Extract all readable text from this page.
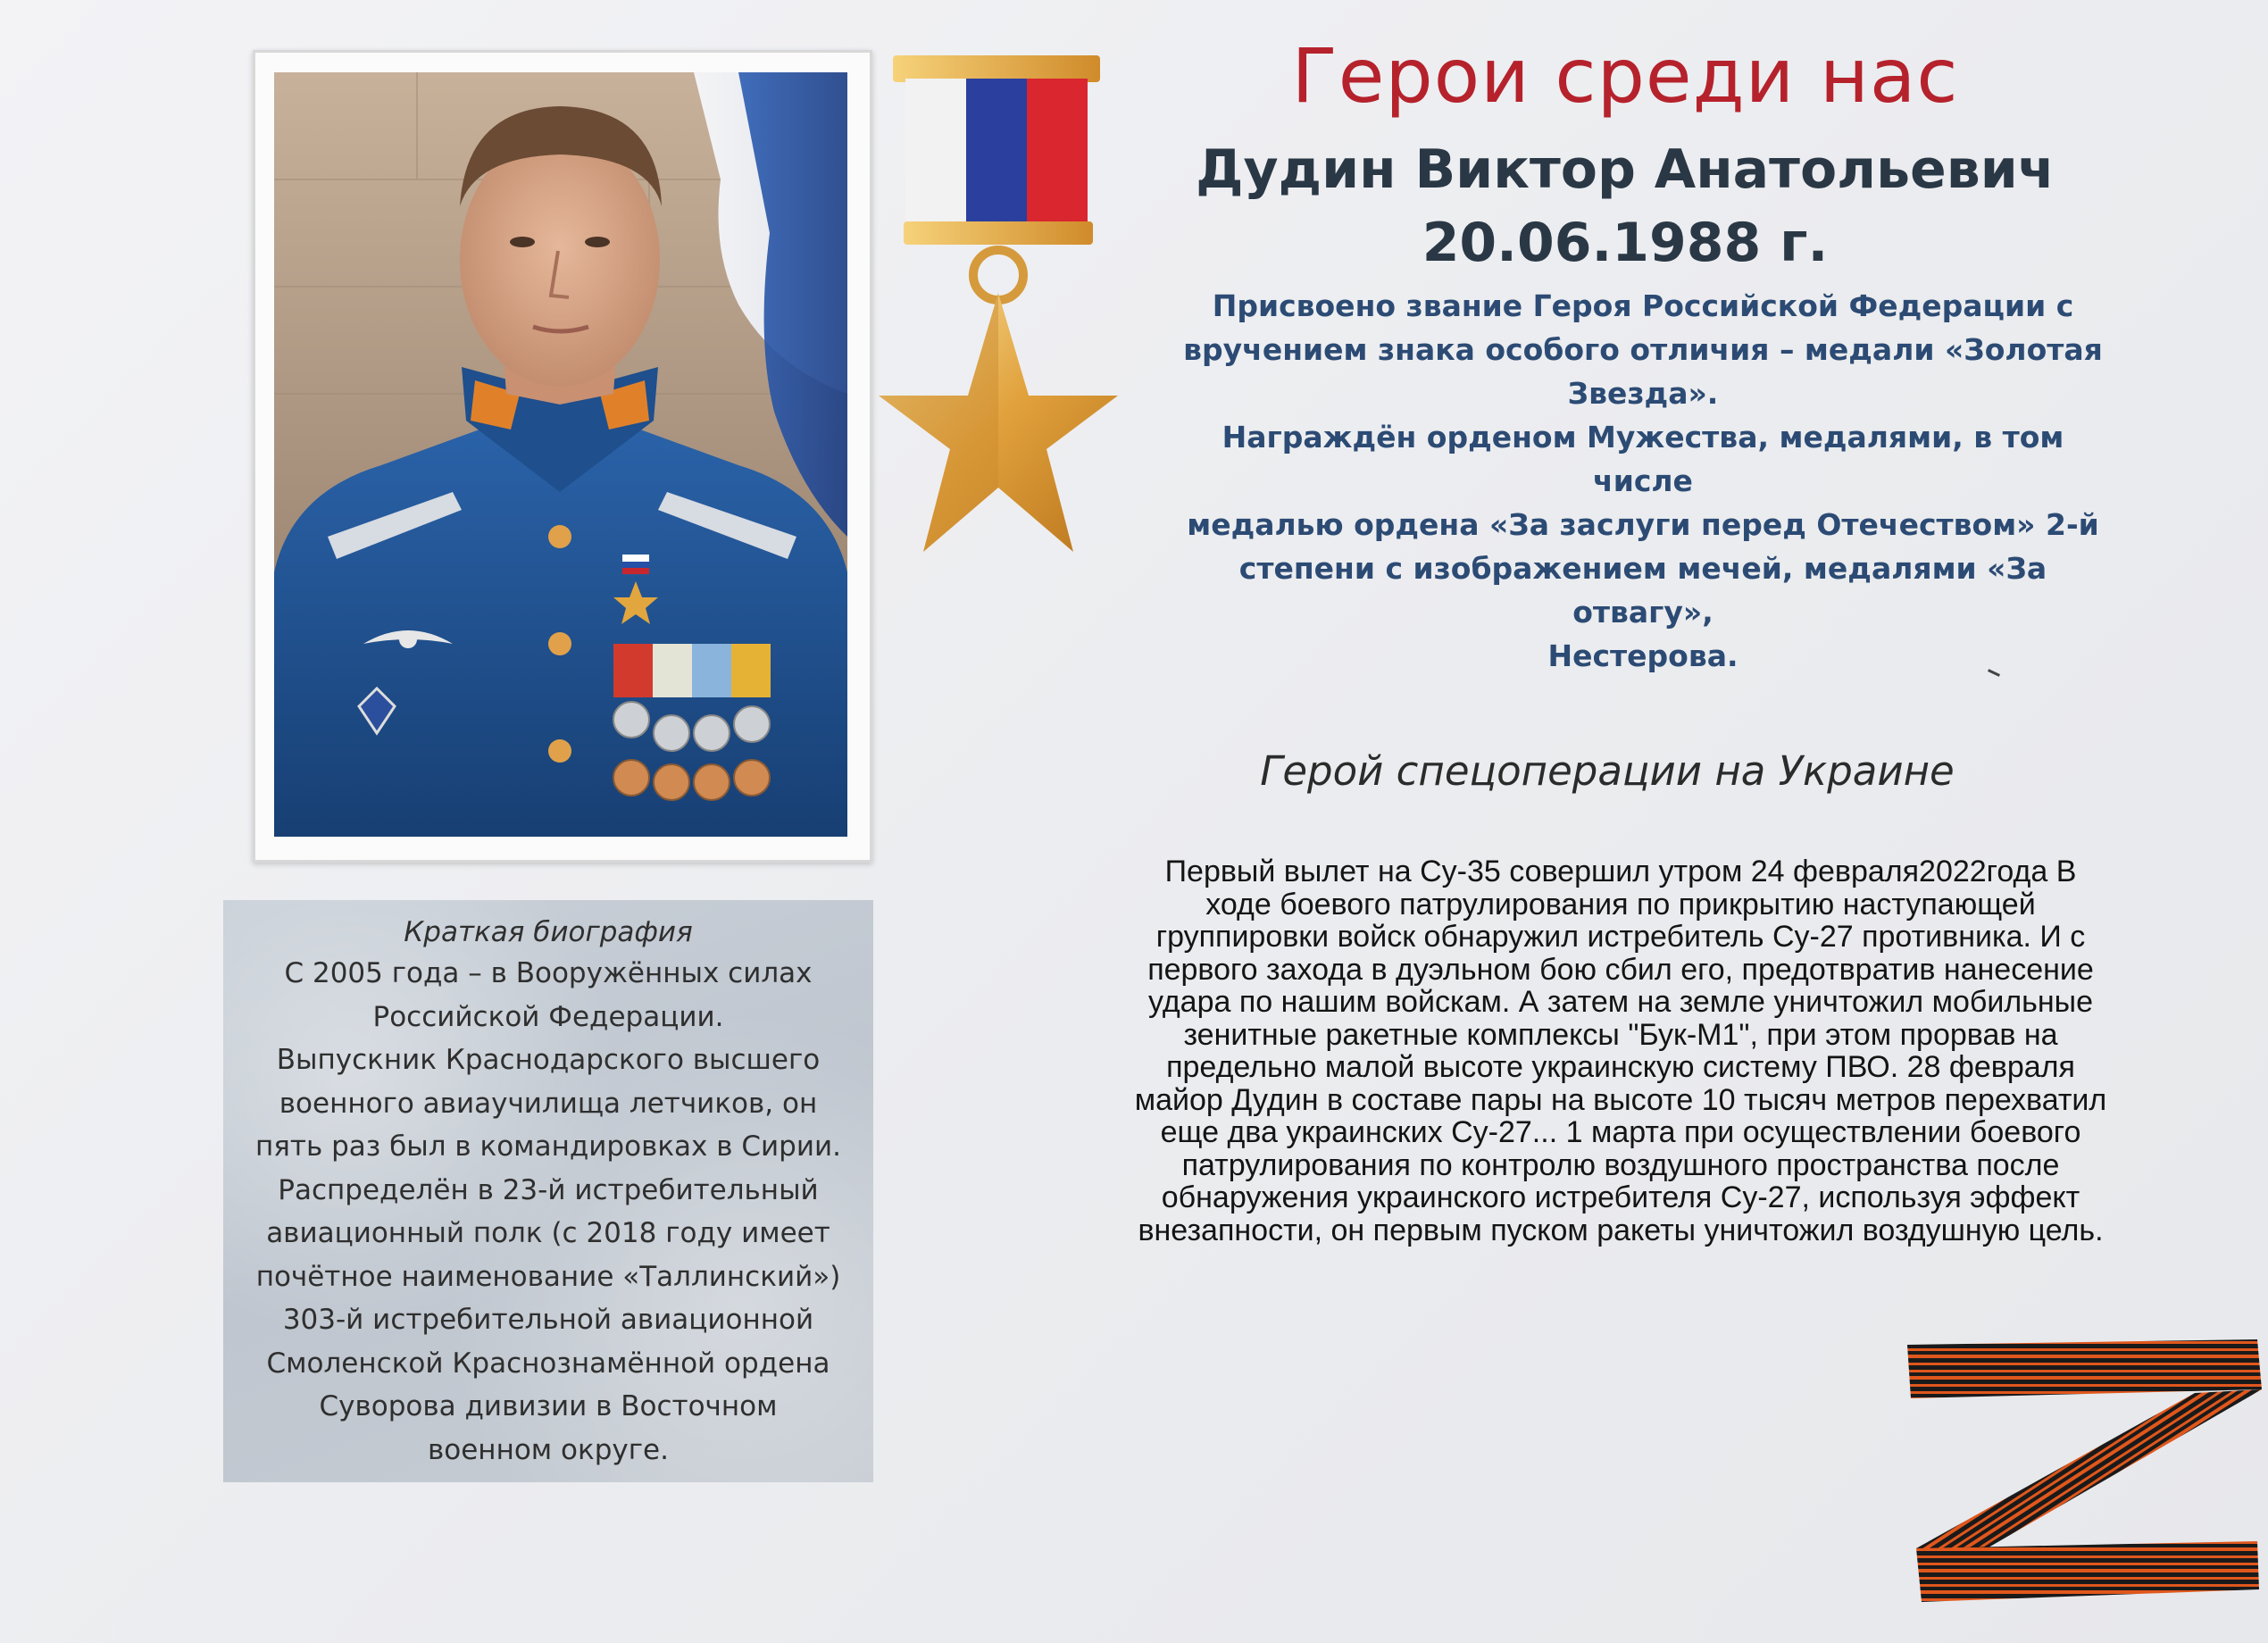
Герои среди нас
Дудин Виктор Анатольевич
20.06.1988 г.
Присвоено звание Героя Российской Федерации с
вручением знака особого отличия – медали «Золотая
Звезда».
Награждён орденом Мужества, медалями, в том числе
медалью ордена «За заслуги перед Отечеством» 2-й
степени с изображением мечей, медалями «За отвагу»,
Нестерова.
Герой спецоперации на Украине
Первый вылет на Су-35 совершил утром 24 февраля2022года В
ходе боевого патрулирования по прикрытию наступающей
группировки войск обнаружил истребитель Су-27 противника. И с
первого захода в дуэльном бою сбил его, предотвратив нанесение
удара по нашим войскам. А затем на земле уничтожил мобильные
зенитные ракетные комплексы "Бук-М1", при этом прорвав на
предельно малой высоте украинскую систему ПВО. 28 февраля
майор Дудин в составе пары на высоте 10 тысяч метров перехватил
еще два украинских Су-27... 1 марта при осуществлении боевого
патрулирования по контролю воздушного пространства после
обнаружения украинского истребителя Су-27, используя эффект
внезапности, он первым пуском ракеты уничтожил воздушную цель.
Краткая биография
С 2005 года – в Вооружённых силах
Российской Федерации.
Выпускник Краснодарского высшего
военного авиаучилища летчиков, он
пять раз был в командировках в Сирии.
Распределён в 23-й истребительный
авиационный полк (с 2018 году имеет
почётное наименование «Таллинский»)
303-й истребительной авиационной
Смоленской Краснознамённой ордена
Суворова дивизии в Восточном
военном округе.
